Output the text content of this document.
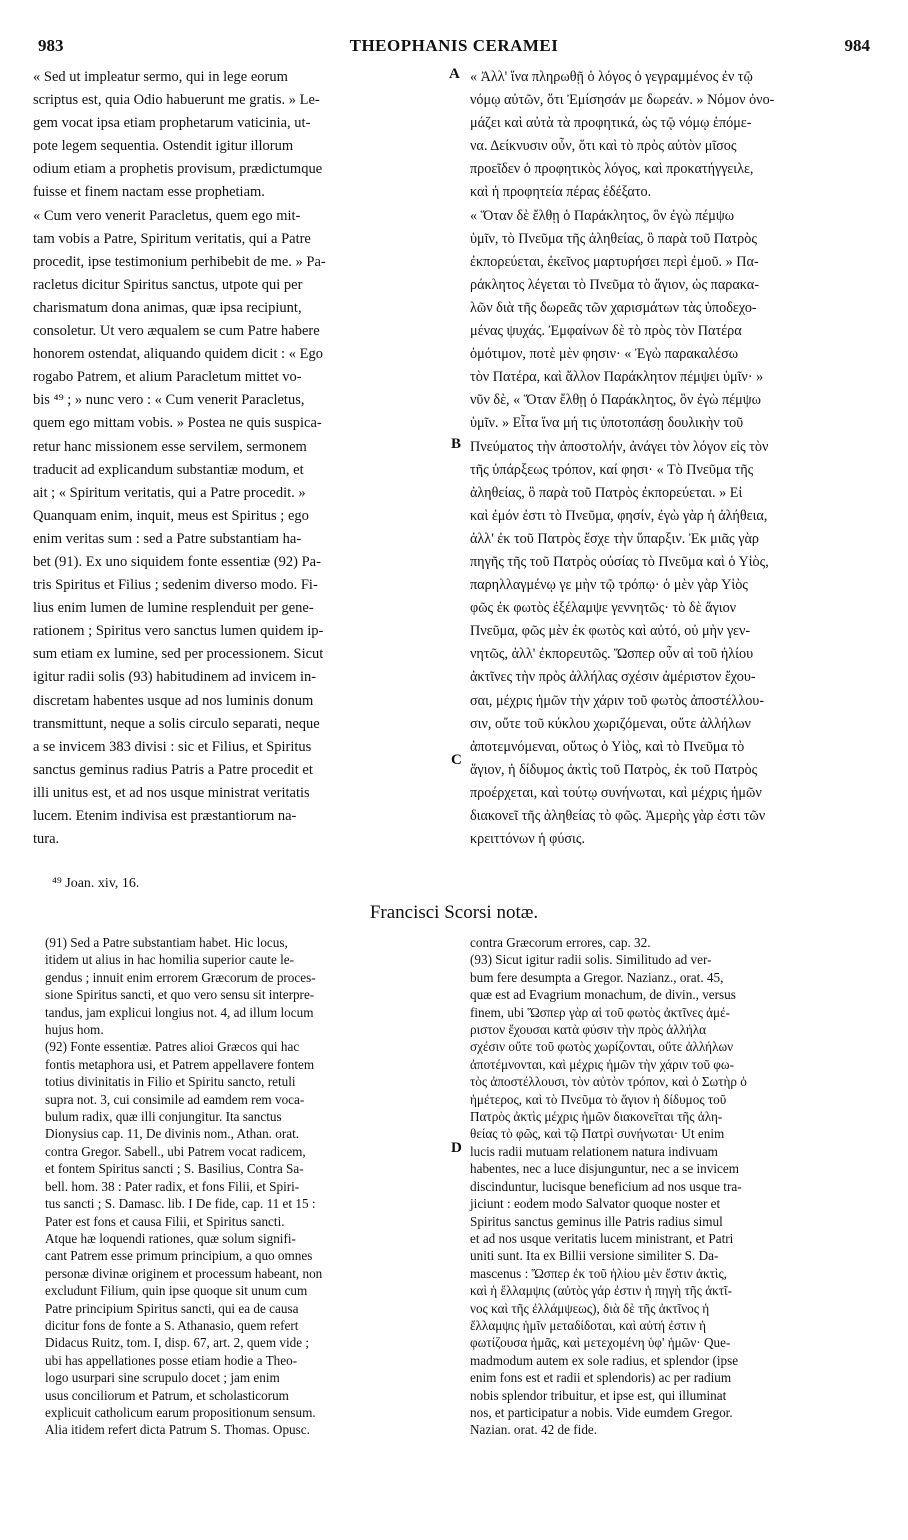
983	THEOPHANIS CERAMEI	984
« Sed ut impleatur sermo, qui in lege eorum
scriptus est, quia Odio habuerunt me gratis. » Le-
gem vocat ipsa etiam prophetarum vaticinia, ut-
pote legem sequentia. Ostendit igitur illorum
odium etiam a prophetis provisum, prædictumque
fuisse et finem nactam esse prophetiam.
« Cum vero venerit Paracletus, quem ego mit-
tam vobis a Patre, Spiritum veritatis, qui a Patre
procedit, ipse testimonium perhibebit de me. » Pa-
racletus dicitur Spiritus sanctus, utpote qui per
charismatum dona animas, quæ ipsa recipiunt,
consoletur. Ut vero æqualem se cum Patre habere
honorem ostendat, aliquando quidem dicit : « Ego
rogabo Patrem, et alium Paracletum mittet vo-
bis ⁴⁹ ; » nunc vero : « Cum venerit Paracletus,
quem ego mittam vobis. » Postea ne quis suspica-
retur hanc missionem esse servilem, sermonem
traducit ad explicandum substantiæ modum, et
ait ; « Spiritum veritatis, qui a Patre procedit. »
Quanquam enim, inquit, meus est Spiritus ; ego
enim veritas sum : sed a Patre substantiam ha-
bet (91). Ex uno siquidem fonte essentiæ (92) Pa-
tris Spiritus et Filius ; sedenim diverso modo. Fi-
lius enim lumen de lumine resplenduit per gene-
rationem ; Spiritus vero sanctus lumen quidem ip-
sum etiam ex lumine, sed per processionem. Sicut
igitur radii solis (93) habitudinem ad invicem in-
discretam habentes usque ad nos luminis donum
transmittunt, neque a solis circulo separati, neque
a se invicem 383 divisi : sic et Filius, et Spiritus
sanctus geminus radius Patris a Patre procedit et
illi unitus est, et ad nos usque ministrat veritatis
lucem. Etenim indivisa est præstantiorum na-
tura.
« Ἀλλ' ἵνα πληρωθῇ ὁ λόγος ὁ γεγραμμένος ἐν τῷ
νόμῳ αὐτῶν, ὅτι Ἐμίσησάν με δωρεάν. » Νόμον ὀνο-
μάζει καὶ αὐτὰ τὰ προφητικά, ὡς τῷ νόμῳ ἑπόμε-
να. Δείκνυσιν οὖν, ὅτι καὶ τὸ πρὸς αὐτὸν μῖσος
προεῖδεν ὁ προφητικὸς λόγος, καὶ προκατήγγειλε,
καὶ ἡ προφητεία πέρας ἐδέξατο.
« Ὅταν δὲ ἔλθῃ ὁ Παράκλητος, ὃν ἐγὼ πέμψω
ὑμῖν, τὸ Πνεῦμα τῆς ἀληθείας, ὃ παρὰ τοῦ Πατρὸς
ἐκπορεύεται, ἐκεῖνος μαρτυρήσει περὶ ἐμοῦ. » Πα-
ράκλητος λέγεται τὸ Πνεῦμα τὸ ἅγιον, ὡς παρακα-
λῶν διὰ τῆς δωρεᾶς τῶν χαρισμάτων τὰς ὑποδεχο-
μένας ψυχάς. Ἐμφαίνων δὲ τὸ πρὸς τὸν Πατέρα
ὁμότιμον, ποτὲ μὲν φησιν· « Ἐγὼ παρακαλέσω
τὸν Πατέρα, καὶ ἄλλον Παράκλητον πέμψει ὑμῖν· »
νῦν δὲ, « Ὅταν ἔλθῃ ὁ Παράκλητος, ὃν ἐγὼ πέμψω
ὑμῖν. » Εἶτα ἵνα μή τις ὑποτοπάσῃ δουλικὴν τοῦ
Πνεύματος τὴν ἀποστολήν, ἀνάγει τὸν λόγον εἰς τὸν
τῆς ὑπάρξεως τρόπον, καί φησι· « Τὸ Πνεῦμα τῆς
ἀληθείας, ὃ παρὰ τοῦ Πατρὸς ἐκπορεύεται. » Εἰ
καὶ ἐμόν ἐστι τὸ Πνεῦμα, φησίν, ἐγὼ γὰρ ἡ ἀλήθεια,
ἀλλ' ἐκ τοῦ Πατρὸς ἔσχε τὴν ὕπαρξιν. Ἐκ μιᾶς γὰρ
πηγῆς τῆς τοῦ Πατρὸς οὐσίας τὸ Πνεῦμα καὶ ὁ Υἱὸς,
παρηλλαγμένῳ γε μὴν τῷ τρόπῳ· ὁ μὲν γὰρ Υἱὸς
φῶς ἐκ φωτὸς ἐξέλαμψε γεννητῶς· τὸ δὲ ἅγιον
Πνεῦμα, φῶς μὲν ἐκ φωτὸς καὶ αὐτό, οὐ μὴν γεν-
νητῶς, ἀλλ' ἐκπορευτῶς. Ὥσπερ οὖν αἱ τοῦ ἡλίου
ἀκτῖνες τὴν πρὸς ἀλλήλας σχέσιν ἀμέριστον ἔχου-
σαι, μέχρις ἡμῶν τὴν χάριν τοῦ φωτὸς ἀποστέλλου-
σιν, οὔτε τοῦ κύκλου χωριζόμεναι, οὔτε ἀλλήλων
ἀποτεμνόμεναι, οὕτως ὁ Υἱὸς, καὶ τὸ Πνεῦμα τὸ
ἅγιον, ἡ δίδυμος ἀκτὶς τοῦ Πατρὸς, ἐκ τοῦ Πατρὸς
προέρχεται, καὶ τούτῳ συνήνωται, καὶ μέχρις ἡμῶν
διακονεῖ τῆς ἀληθείας τὸ φῶς. Ἀμερὴς γὰρ ἐστι τῶν
κρειττόνων ἡ φύσις.
A
B
C
⁴⁹ Joan. xiv, 16.
Francisci Scorsi notæ.
(91) Sed a Patre substantiam habet. Hic locus,
itidem ut alius in hac homilia superior caute le-
gendus ; innuit enim errorem Græcorum de proces-
sione Spiritus sancti, et quo vero sensu sit interpre-
tandus, jam explicui longius not. 4, ad illum locum
hujus hom.
(92) Fonte essentiæ. Patres alioi Græcos qui hac
fontis metaphora usi, et Patrem appellavere fontem
totius divinitatis in Filio et Spiritu sancto, retuli
supra not. 3, cui consimile ad eamdem rem voca-
bulum radix, quæ illi conjungitur. Ita sanctus
Dionysius cap. 11, De divinis nom., Athan. orat.
contra Gregor. Sabell., ubi Patrem vocat radicem,
et fontem Spiritus sancti ; S. Basilius, Contra Sa-
bell. hom. 38 : Pater radix, et fons Filii, et Spiri-
tus sancti ; S. Damasc. lib. I De fide, cap. 11 et 15 :
Pater est fons et causa Filii, et Spiritus sancti.
Atque hæ loquendi rationes, quæ solum signifi-
cant Patrem esse primum principium, a quo omnes
personæ divinæ originem et processum habeant, non
excludunt Filium, quin ipse quoque sit unum cum
Patre principium Spiritus sancti, qui ea de causa
dicitur fons de fonte a S. Athanasio, quem refert
Didacus Ruitz, tom. I, disp. 67, art. 2, quem vide ;
ubi has appellationes posse etiam hodie a Theo-
logo usurpari sine scrupulo docet ; jam enim
usus conciliorum et Patrum, et scholasticorum
explicuit catholicum earum propositionum sensum.
Alia itidem refert dicta Patrum S. Thomas. Opusc.
contra Græcorum errores, cap. 32.
(93) Sicut igitur radii solis. Similitudo ad ver-
bum fere desumpta a Gregor. Nazianz., orat. 45,
quæ est ad Evagrium monachum, de divin., versus
finem, ubi Ὥσπερ γὰρ αἱ τοῦ φωτὸς ἀκτῖνες ἀμέ-
ριστον ἔχουσαι κατὰ φύσιν τὴν πρὸς ἀλλήλα
σχέσιν οὔτε τοῦ φωτὸς χωρίζονται, οὔτε ἀλλήλων
ἀποτέμνονται, καὶ μέχρις ἡμῶν τὴν χάριν τοῦ φω-
τὸς ἀποστέλλουσι, τὸν αὐτὸν τρόπον, καὶ ὁ Σωτὴρ ὁ
ἡμέτερος, καὶ τὸ Πνεῦμα τὸ ἅγιον ἡ δίδυμος τοῦ
Πατρὸς ἀκτὶς μέχρις ἡμῶν διακονεῖται τῆς ἀλη-
θείας τὸ φῶς, καὶ τῷ Πατρὶ συνήνωται· Ut enim
lucis radii mutuam relationem natura indivuam
habentes, nec a luce disjunguntur, nec a se invicem
discinduntur, lucisque beneficium ad nos usque tra-
jiciunt : eodem modo Salvator quoque noster et
Spiritus sanctus geminus ille Patris radius simul
et ad nos usque veritatis lucem ministrant, et Patri
uniti sunt. Ita ex Billii versione similiter S. Da-
mascenus : Ὥσπερ ἐκ τοῦ ἡλίου μὲν ἔστιν ἀκτὶς,
καὶ ἡ ἔλλαμψις (αὐτὸς γάρ ἐστιν ἡ πηγὴ τῆς ἀκτῖ-
νος καὶ τῆς ἐλλάμψεως), διὰ δὲ τῆς ἀκτῖνος ἡ
ἔλλαμψις ἡμῖν μεταδίδοται, καὶ αὐτή ἐστιν ἡ
φωτίζουσα ἡμᾶς, καὶ μετεχομένη ὑφ' ἡμῶν· Que-
madmodum autem ex sole radius, et splendor (ipse
enim fons est et radii et splendoris) ac per radium
nobis splendor tribuitur, et ipse est, qui illuminat
nos, et participatur a nobis. Vide eumdem Gregor.
Nazian. orat. 42 de fide.
D
